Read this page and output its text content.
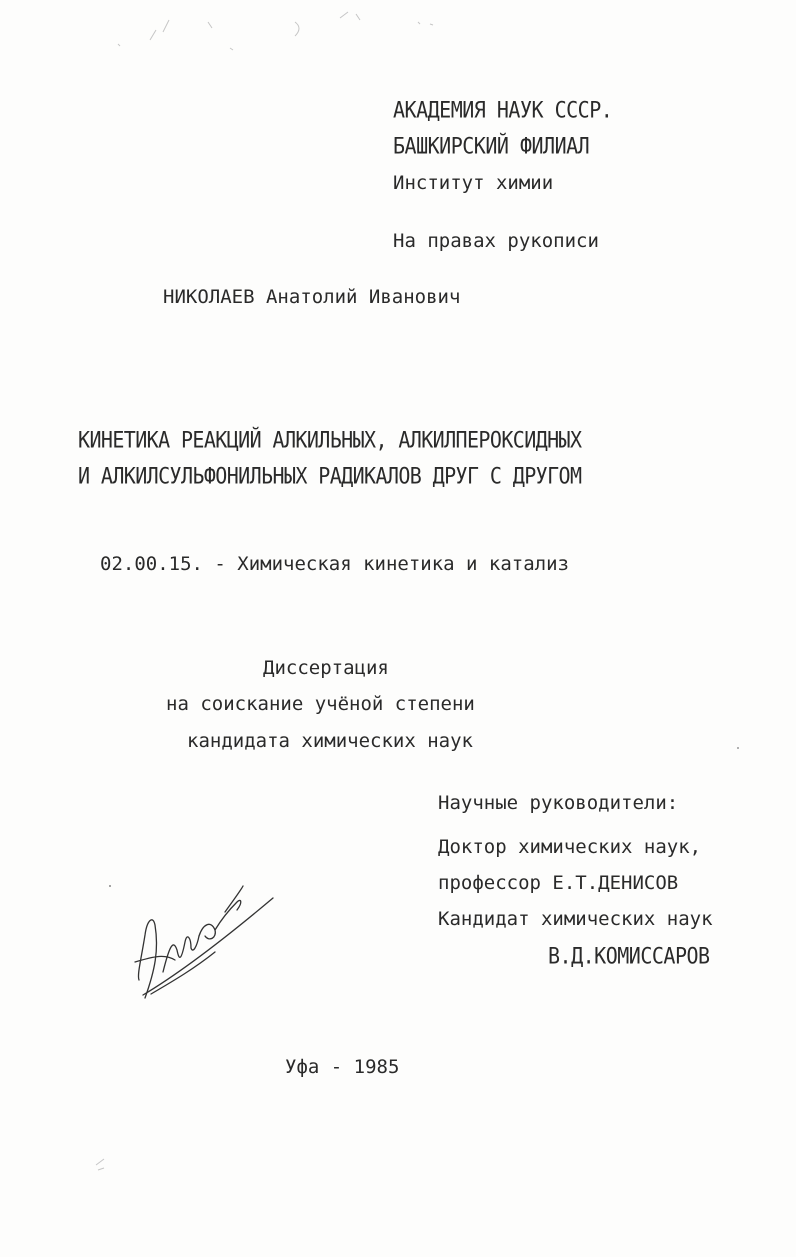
АКАДЕМИЯ НАУК СССР.
БАШКИРСКИЙ ФИЛИАЛ
Институт химии
На правах рукописи
НИКОЛАЕВ Анатолий Иванович
КИНЕТИКА РЕАКЦИЙ АЛКИЛЬНЫХ, АЛКИЛПЕРОКСИДНЫХ
И АЛКИЛСУЛЬФОНИЛЬНЫХ РАДИКАЛОВ ДРУГ С ДРУГОМ
02.00.15. - Химическая кинетика и катализ
Диссертация
на соискание учёной степени
кандидата химических наук
Научные руководители:
Доктор химических наук,
профессор Е.Т.ДЕНИСОВ
Кандидат химических наук
В.Д.КОМИССАРОВ
Уфа - 1985
